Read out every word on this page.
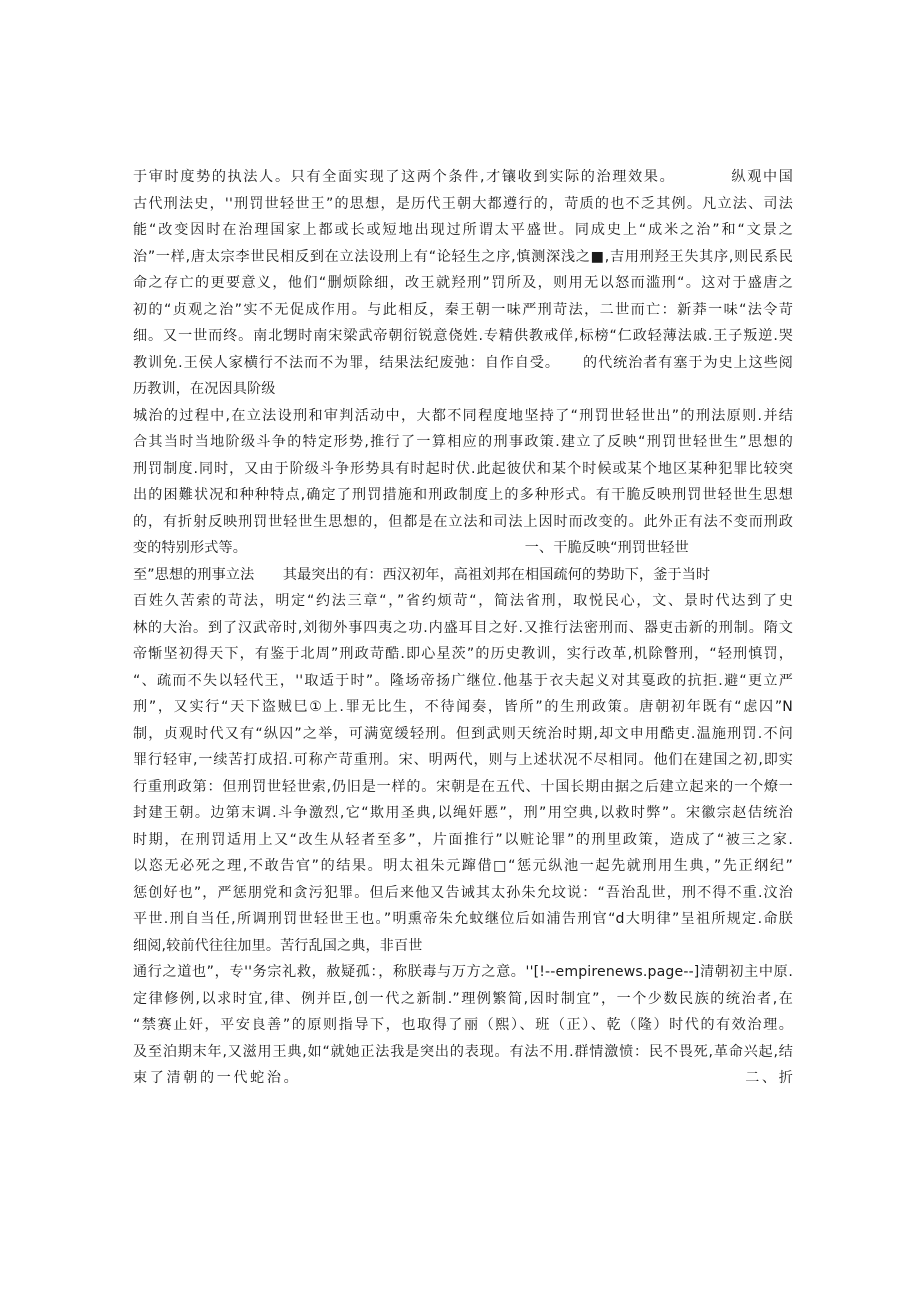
于审时度势的执法人。只有全面实现了这两个条件,才镶收到实际的治理效果。　　　　纵观中国
古代刑法史，''刑罚世轻世王”的思想，是历代王朝大都遵行的，苛质的也不乏其例。凡立法、司法
能“改变因时在治理国家上都或长或短地出现过所谓太平盛世。同成史上“成米之治”和“文景之
治”一样,唐太宗李世民相反到在立法设刑上有“论轻生之序,慎测深浅之■,吉用刑羟王失其序,则民系民
命之存亡的更要意义，他们“删烦除细，改王就羟刑”罚所及，则用无以怒而滥刑“。这对于盛唐之
初的“贞观之治”实不无促成作用。与此相反，秦王朝一味严刑苛法，二世而亡：新莽一味“法令苛
细。又一世而终。南北甥时南宋梁武帝朝衍锐意侥姓.专精供教戒佯,标榜“仁政轻薄法戚.王子叛逆.哭
教训免.王侯人家横行不法而不为罪，结果法纪废弛：自作自受。　　的代统治者有塞于为史上这些阅
历教训，在况因具阶级
城治的过程中,在立法设刑和审判活动中，大都不同程度地坚持了“刑罚世轻世出”的刑法原则.并结
合其当时当地阶级斗争的特定形势,推行了一算相应的刑事政策.建立了反映“刑罚世轻世生”思想的
刑罚制度.同时，又由于阶级斗争形势具有时起时伏.此起彼伏和某个时候或某个地区某种犯罪比较突
出的困難状况和种种特点,确定了刑罚措施和刑政制度上的多种形式。有干脆反映刑罚世轻世生思想
的，有折射反映刑罚世轻世生思想的，但都是在立法和司法上因时而改变的。此外正有法不变而刑政
变的特别形式等。　　　　　　　　　　　　　　　　　　　　一、干脆反映“刑罚世轻世
至”思想的刑事立法　　其最突出的有：西汉初年，高祖刘邦在相国疏何的势助下，釜于当时
百姓久苦索的苛法，明定“约法三章“，”省约烦苛“，简法省刑，取悦民心，文、景时代达到了史
林的大治。到了汉武帝时,刘彻外事四夷之功.内盛耳目之好.又推行法密刑而、器吏击新的刑制。隋文
帝惭坚初得天下，有鉴于北周”刑政苛酷.即心星茨”的历史教训，实行改革,机除瞥刑，“轻刑慎罚，
“、疏而不失以轻代王，''取适于时”。隆场帝扬广继位.他基于衣夫起义对其戛政的抗拒.避“更立严
刑”，又实行“天下盗贼巳①上.罪无比生，不待闻奏，皆所”的生刑政策。唐朝初年既有“虑囚”N
制，贞观时代又有“纵囚”之举，可满宽缓轻刑。但到武则天统治时期,却文申用酷吏.温施刑罚.不问
罪行轻审,一续苦打成招.可称产苛重刑。宋、明两代，则与上述状况不尽相同。他们在建国之初,即实
行重刑政第：但刑罚世轻世索,仍旧是一样的。宋朝是在五代、十国长期由据之后建立起来的一个燎一
封建王朝。边第末调.斗争激烈,它“欺用圣典,以绳奸慝”，刑”用空典,以救时弊”。宋徽宗赵佶统治
时期，在刑罚适用上又“改生从轻者至多”，片面推行”以赃论罪”的刑里政策，造成了“被三之家.
以恣无必死之理,不敢告官”的结果。明太祖朱元蹿借□“惩元纵池一起先就刑用生典，”先正纲纪”
惩创好也”，严惩朋党和贪污犯罪。但后来他又告诫其太孙朱允坟说：“吾治乱世，刑不得不重.汶治
平世.刑自当任,所调刑罚世轻世王也。”明熏帝朱允蚊继位后如浦告刑官“d大明律”呈祖所规定.命朕
细阅,较前代往往加里。苦行乱国之典，非百世
通行之道也”，专''务宗礼救，赦疑孤：，称朕毒与万方之意。''[!--empirenews.page--]清朝初主中原.
定律修例,以求时宜,律、例并臣,创一代之新制.”理例繁简,因时制宜”，一个少数民族的统治者,在
“禁赛止奸，平安良善”的原则指导下，也取得了丽（熙）、班（正）、乾（隆）时代的有效治理。
及至泊期末年,又滋用王典,如“就她正法我是突出的表现。有法不用.群情激愤：民不畏死,革命兴起,结
束了清朝的一代蛇治。　　　　　　　　　　　　　　　　　　　　　　　　　　　二、折
